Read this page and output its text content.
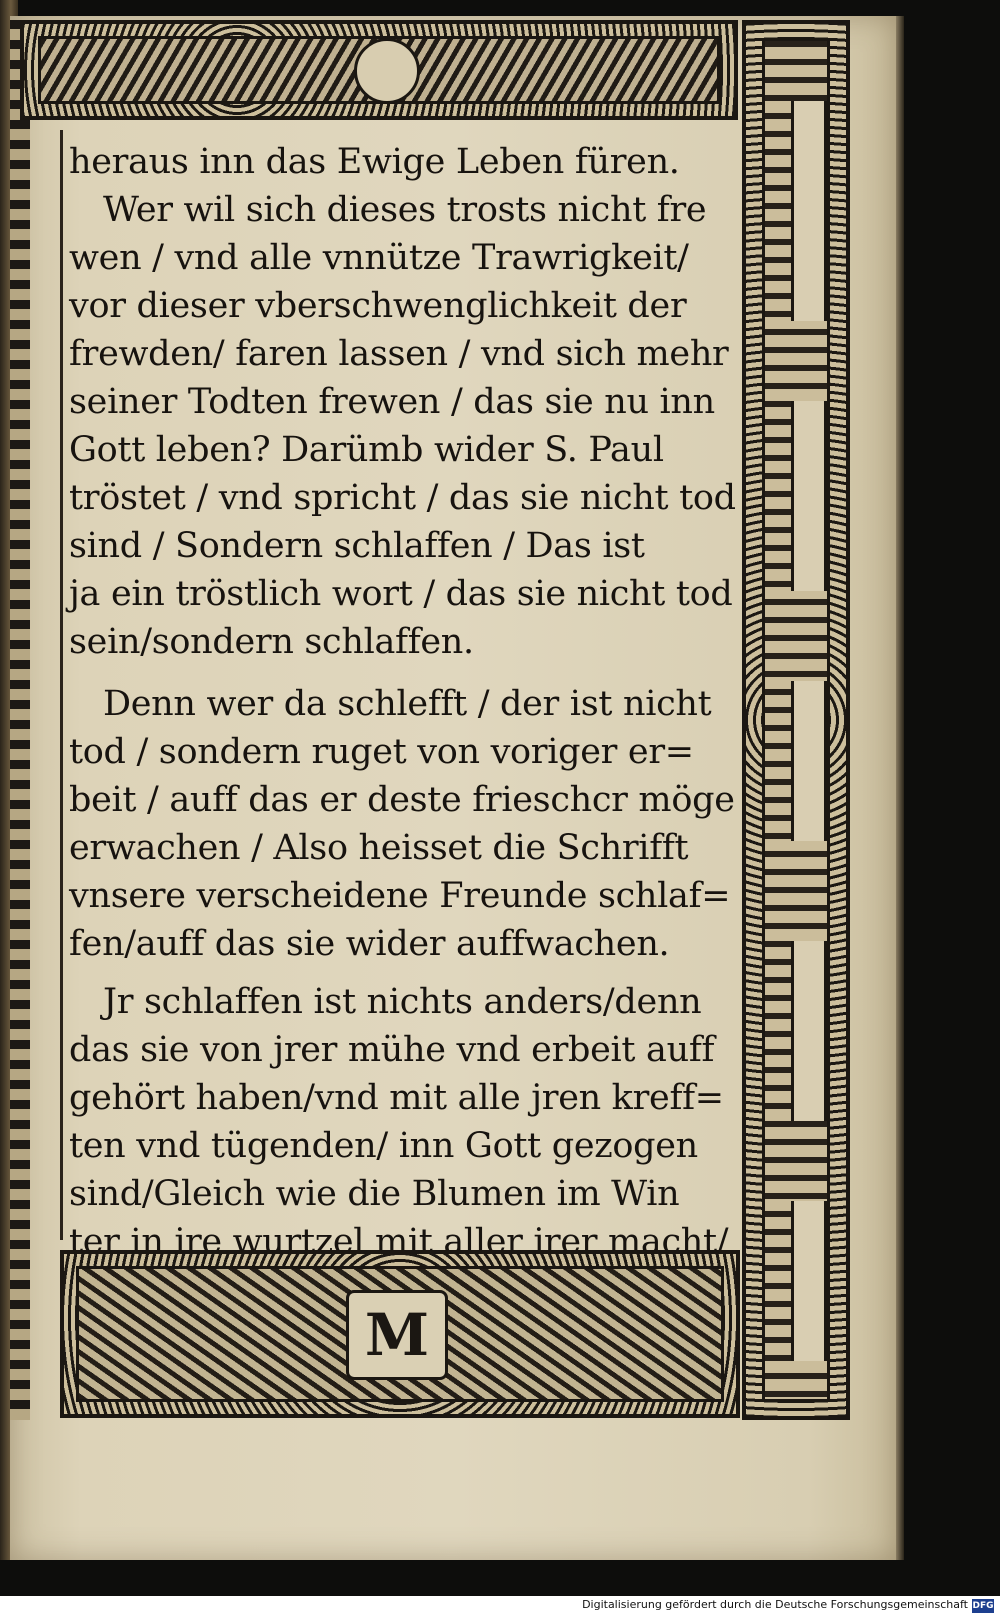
heraus inn das Ewige Leben füren.
Wer wil sich dieses trosts nicht fre
wen / vnd alle vnnütze Trawrigkeit/
vor dieser vberschwenglichkeit der
frewden/ faren lassen / vnd sich mehr
seiner Todten frewen / das sie nu inn
Gott leben? Darümb wider S. Paul
tröstet / vnd spricht / das sie nicht tod
sind / Sondern schlaffen / Das ist
ja ein tröstlich wort / das sie nicht tod
sein/sondern schlaffen.
Denn wer da schlefft / der ist nicht
tod / sondern ruget von voriger er=
beit / auff das er deste frieschcr möge
erwachen / Also heisset die Schrifft
vnsere verscheidene Freunde schlaf=
fen/auff das sie wider auffwachen.
Jr schlaffen ist nichts anders/denn
das sie von jrer mühe vnd erbeit auff
gehört haben/vnd mit alle jren kreff=
ten vnd tügenden/ inn Gott gezogen
sind/Gleich wie die Blumen im Win
M
Digitalisierung gefördert durch die Deutsche Forschungsgemeinschaft DFG
